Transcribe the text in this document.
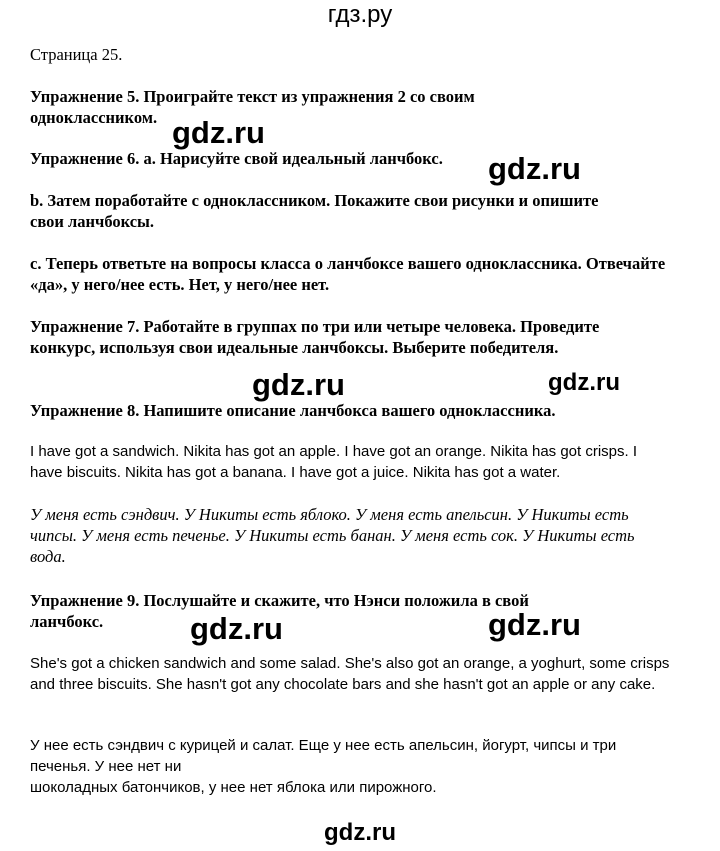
гдз.ру

Страница 25.

Упражнение 5. Проиграйте текст из упражнения 2 со своим одноклассником.

Упражнение 6. a. Нарисуйте свой идеальный ланчбокс.

b. Затем поработайте с одноклассником. Покажите свои рисунки и опишите свои ланчбоксы.

c. Теперь ответьте на вопросы класса о ланчбоксе вашего одноклассника. Отвечайте «да», у него/нее есть. Нет, у него/нее нет.

Упражнение 7. Работайте в группах по три или четыре человека. Проведите конкурс, используя свои идеальные ланчбоксы. Выберите победителя.

Упражнение 8. Напишите описание ланчбокса вашего одноклассника.

I have got a sandwich. Nikita has got an apple. I have got an orange. Nikita has got crisps. I have biscuits. Nikita has got a banana. I have got a juice. Nikita has got a water.

У меня есть сэндвич. У Никиты есть яблоко. У меня есть апельсин. У Никиты есть чипсы. У меня есть печенье. У Никиты есть банан. У меня есть сок. У Никиты есть вода.

Упражнение 9. Послушайте и скажите, что Нэнси положила в свой ланчбокс.

She's got a chicken sandwich and some salad. She's also got an orange, a yoghurt, some crisps and three biscuits. She hasn't got any chocolate bars and she hasn't got an apple or any cake.

У нее есть сэндвич с курицей и салат. Еще у нее есть апельсин, йогурт, чипсы и три печенья. У нее нет ни

шоколадных батончиков, у нее нет яблока или пирожного.

gdz.ru
gdz.ru
gdz.ru	gdz.ru
gdz.ru	gdz.ru
gdz.ru
